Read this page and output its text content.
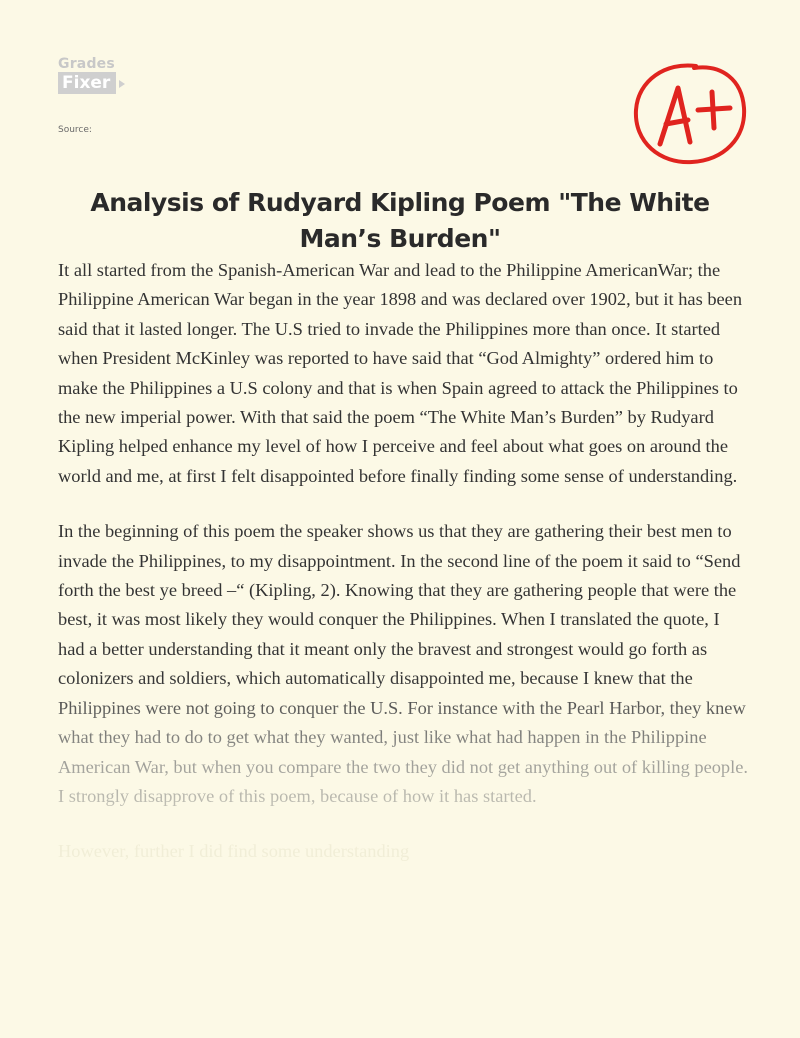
Grades
Fixer
Source:
Analysis of Rudyard Kipling Poem "The White Man’s Burden"

It all started from the Spanish-American War and lead to the Philippine AmericanWar; the Philippine American War began in the year 1898 and was declared over 1902, but it has been said that it lasted longer. The U.S tried to invade the Philippines more than once. It started when President McKinley was reported to have said that “God Almighty” ordered him to make the Philippines a U.S colony and that is when Spain agreed to attack the Philippines to the new imperial power. With that said the poem “The White Man’s Burden” by Rudyard Kipling helped enhance my level of how I perceive and feel about what goes on around the world and me, at first I felt disappointed before finally finding some sense of understanding.

In the beginning of this poem the speaker shows us that they are gathering their best men to invade the Philippines, to my disappointment. In the second line of the poem it said to “Send forth the best ye breed –“ (Kipling, 2). Knowing that they are gathering people that were the best, it was most likely they would conquer the Philippines. When I translated the quote, I had a better understanding that it meant only the bravest and strongest would go forth as colonizers and soldiers, which automatically disappointed me, because I knew that the Philippines were not going to conquer the U.S. For instance with the Pearl Harbor, they knew what they had to do to get what they wanted, just like what had happen in the Philippine American War, but when you compare the two they did not get anything out of killing people. I strongly disapprove of this poem, because of how it has started.

However, further I did find some understanding
